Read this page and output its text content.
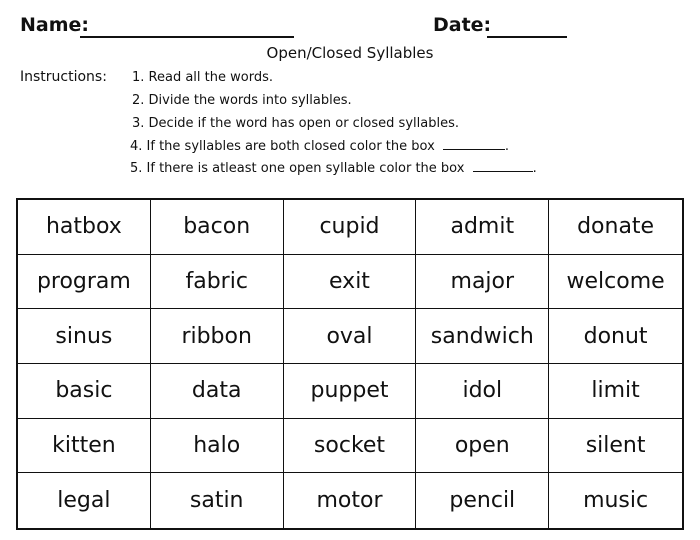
Name:	Date:
Open/Closed Syllables
Instructions: 1. Read all the words.
2. Divide the words into syllables.
3. Decide if the word has open or closed syllables.
4. If the syllables are both closed color the box	.
5. If there is atleast one open syllable color the box	.
hatbox	bacon	cupid	admit	donate
program	fabric	exit	major	welcome
sinus	ribbon	oval	sandwich	donut
basic	data	puppet	idol	limit
kitten	halo	socket	open	silent
legal	satin	motor	pencil	music
